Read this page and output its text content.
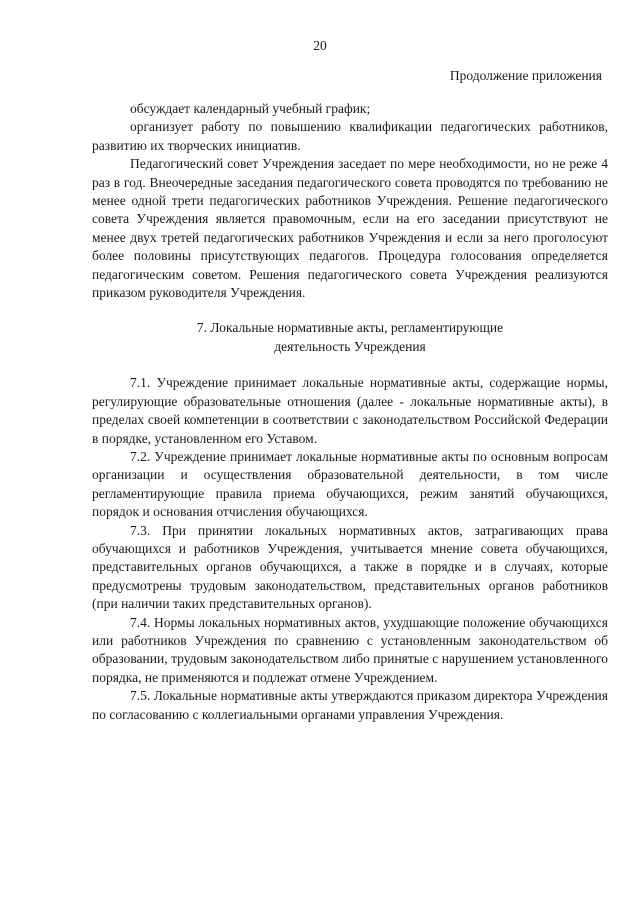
20
Продолжение приложения

обсуждает календарный учебный график;

организует работу по повышению квалификации педагогических работников, развитию их творческих инициатив.

Педагогический совет Учреждения заседает по мере необходимости, но не реже 4 раз в год. Внеочередные заседания педагогического совета проводятся по требованию не менее одной трети педагогических работников Учреждения. Решение педагогического совета Учреждения является правомочным, если на его заседании присутствуют не менее двух третей педагогических работников Учреждения и если за него проголосуют более половины присутствующих педагогов. Процедура голосования определяется педагогическим советом. Решения педагогического совета Учреждения реализуются приказом руководителя Учреждения.

7. Локальные нормативные акты, регламентирующие
деятельность Учреждения

7.1. Учреждение принимает локальные нормативные акты, содержащие нормы, регулирующие образовательные отношения (далее - локальные нормативные акты), в пределах своей компетенции в соответствии с законодательством Российской Федерации в порядке, установленном его Уставом.

7.2. Учреждение принимает локальные нормативные акты по основным вопросам организации и осуществления образовательной деятельности, в том числе регламентирующие правила приема обучающихся, режим занятий обучающихся, порядок и основания отчисления обучающихся.

7.3. При принятии локальных нормативных актов, затрагивающих права обучающихся и работников Учреждения, учитывается мнение совета обучающихся, представительных органов обучающихся, а также в порядке и в случаях, которые предусмотрены трудовым законодательством, представительных органов работников (при наличии таких представительных органов).

7.4. Нормы локальных нормативных актов, ухудшающие положение обучающихся или работников Учреждения по сравнению с установленным законодательством об образовании, трудовым законодательством либо принятые с нарушением установленного порядка, не применяются и подлежат отмене Учреждением.

7.5. Локальные нормативные акты утверждаются приказом директора Учреждения по согласованию с коллегиальными органами управления Учреждения.
